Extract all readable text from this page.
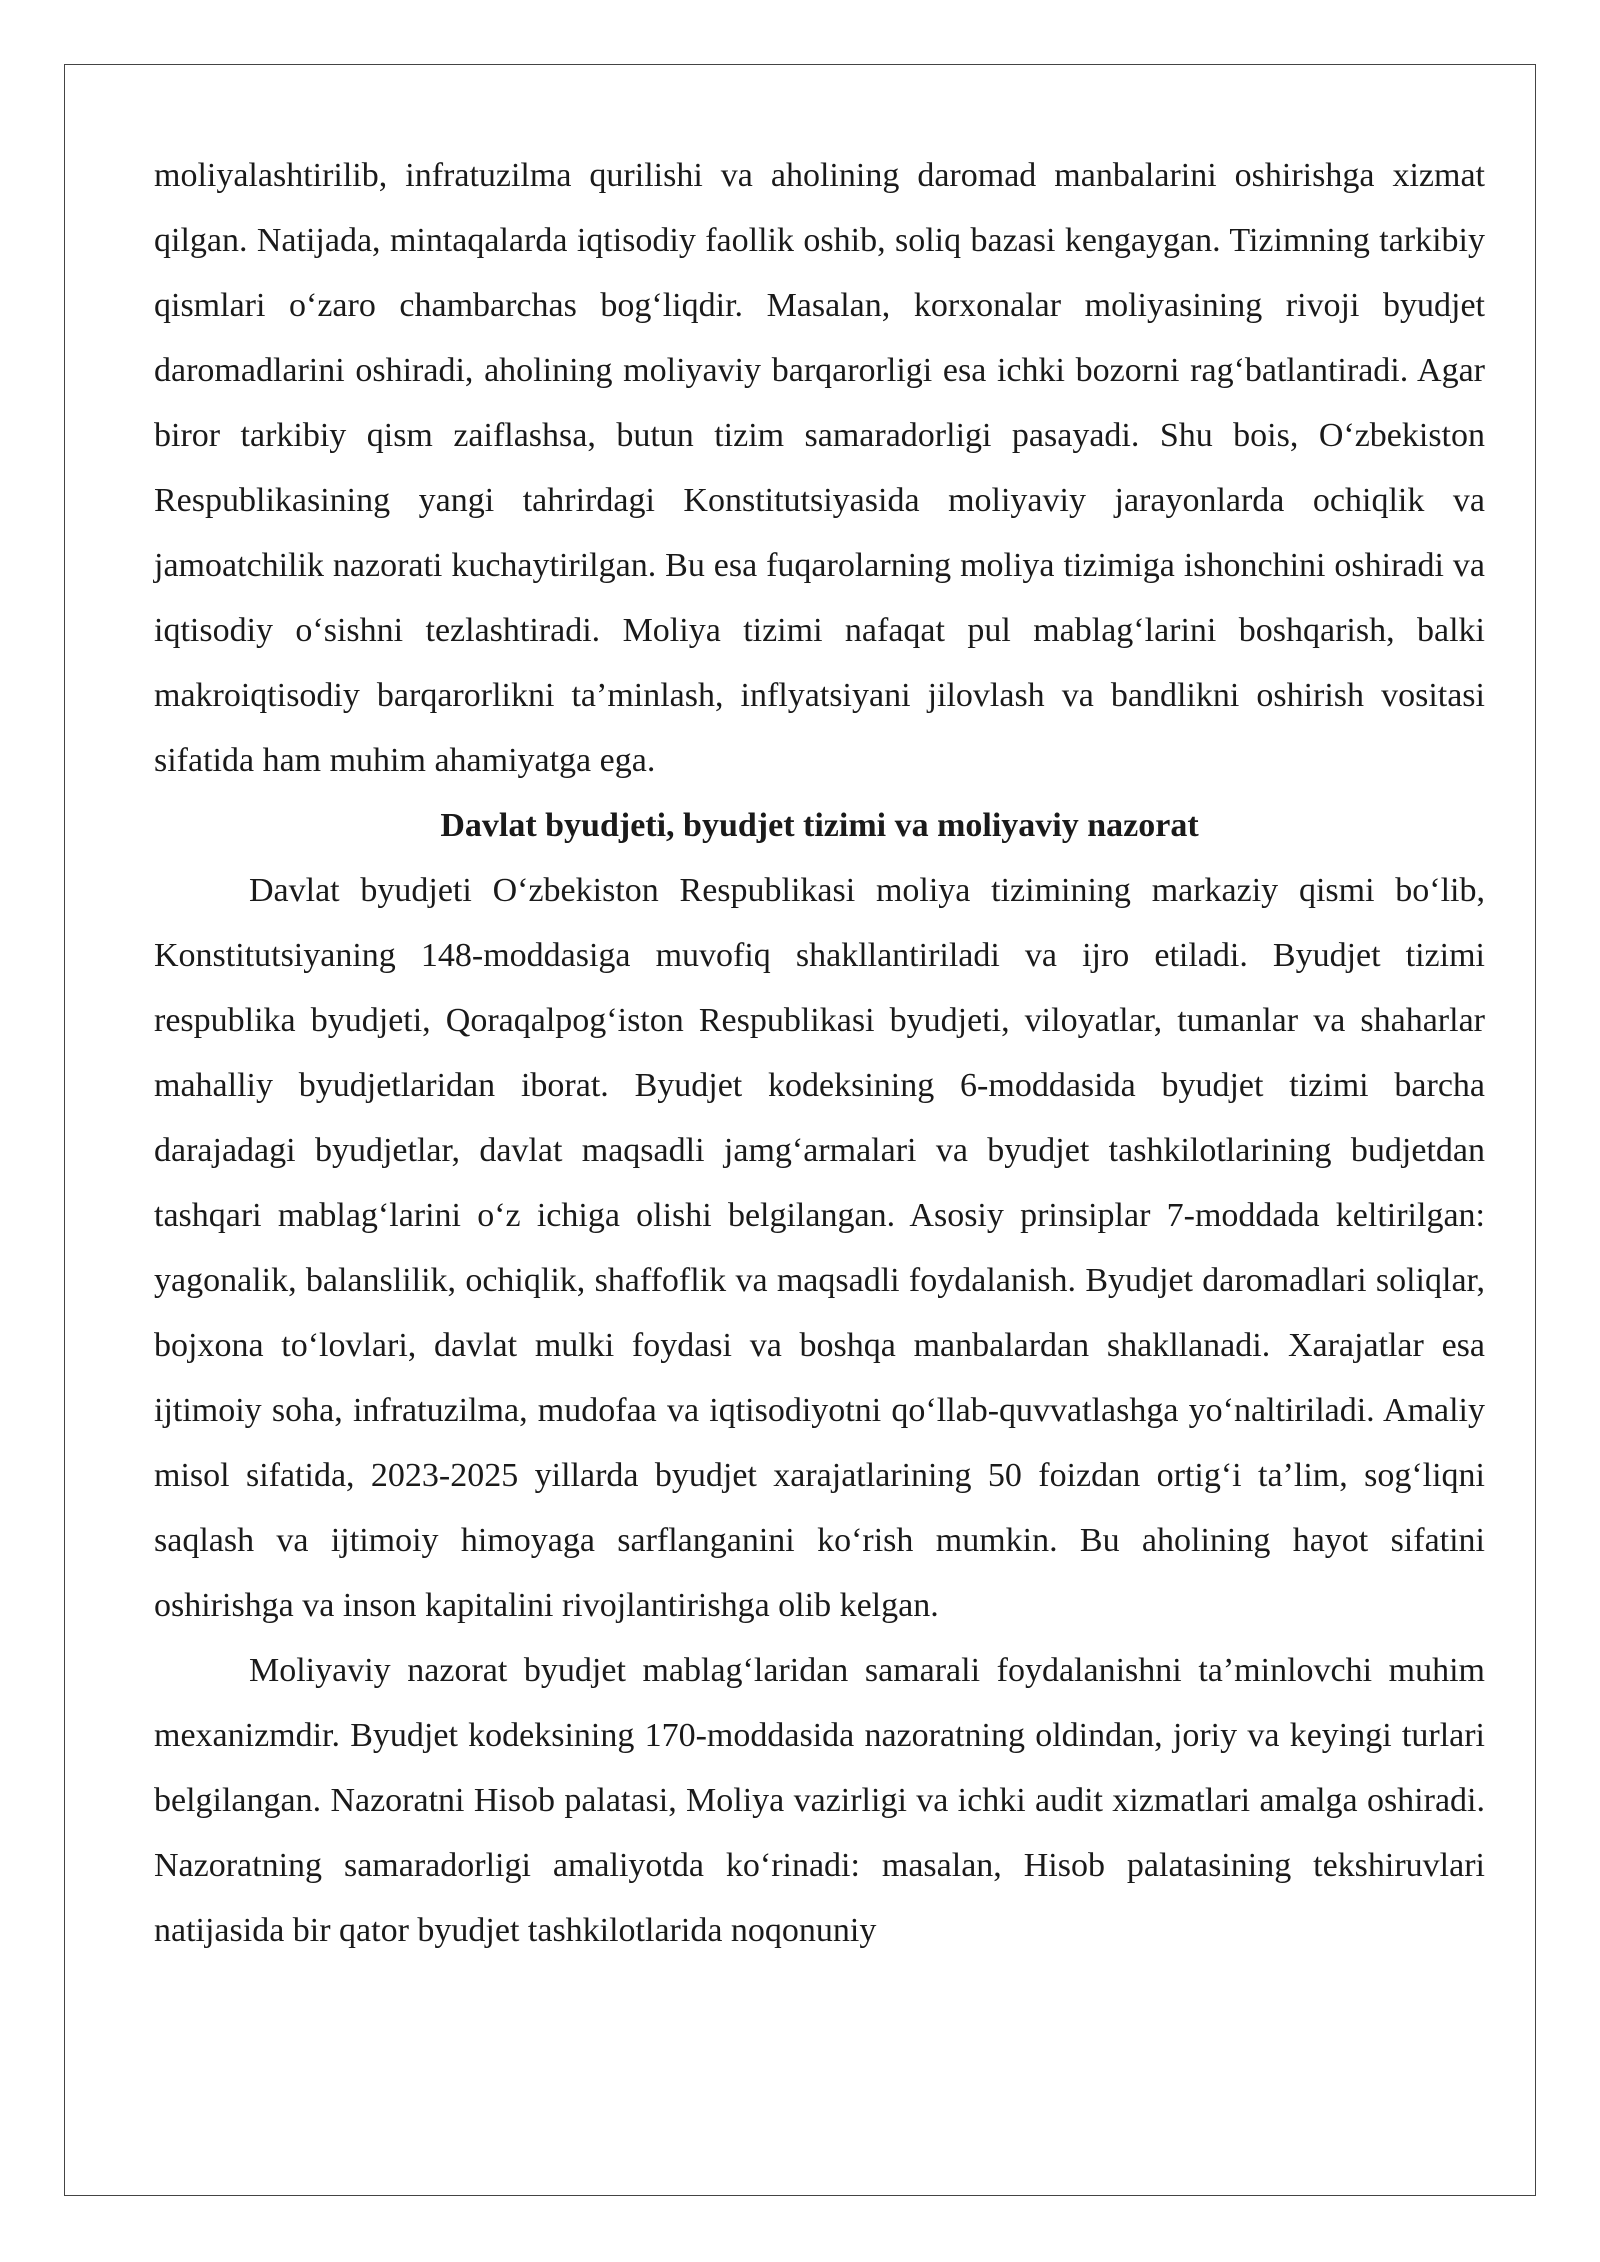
moliyalashtirilib, infratuzilma qurilishi va aholining daromad manbalarini oshirishga xizmat qilgan. Natijada, mintaqalarda iqtisodiy faollik oshib, soliq bazasi kengaygan. Tizimning tarkibiy qismlari o‘zaro chambarchas bog‘liqdir. Masalan, korxonalar moliyasining rivoji byudjet daromadlarini oshiradi, aholining moliyaviy barqarorligi esa ichki bozorni rag‘batlantiradi. Agar biror tarkibiy qism zaiflashsa, butun tizim samaradorligi pasayadi. Shu bois, O‘zbekiston Respublikasining yangi tahrirdagi Konstitutsiyasida moliyaviy jarayonlarda ochiqlik va jamoatchilik nazorati kuchaytirilgan. Bu esa fuqarolarning moliya tizimiga ishonchini oshiradi va iqtisodiy o‘sishni tezlashtiradi. Moliya tizimi nafaqat pul mablag‘larini boshqarish, balki makroiqtisodiy barqarorlikni ta’minlash, inflyatsiyani jilovlash va bandlikni oshirish vositasi sifatida ham muhim ahamiyatga ega.

Davlat byudjeti, byudjet tizimi va moliyaviy nazorat

Davlat byudjeti O‘zbekiston Respublikasi moliya tizimining markaziy qismi bo‘lib, Konstitutsiyaning 148-moddasiga muvofiq shakllantiriladi va ijro etiladi. Byudjet tizimi respublika byudjeti, Qoraqalpog‘iston Respublikasi byudjeti, viloyatlar, tumanlar va shaharlar mahalliy byudjetlaridan iborat. Byudjet kodeksining 6-moddasida byudjet tizimi barcha darajadagi byudjetlar, davlat maqsadli jamg‘armalari va byudjet tashkilotlarining budjetdan tashqari mablag‘larini o‘z ichiga olishi belgilangan. Asosiy prinsiplar 7-moddada keltirilgan: yagonalik, balanslilik, ochiqlik, shaffoflik va maqsadli foydalanish. Byudjet daromadlari soliqlar, bojxona to‘lovlari, davlat mulki foydasi va boshqa manbalardan shakllanadi. Xarajatlar esa ijtimoiy soha, infratuzilma, mudofaa va iqtisodiyotni qo‘llab-quvvatlashga yo‘naltiriladi. Amaliy misol sifatida, 2023-2025 yillarda byudjet xarajatlarining 50 foizdan ortig‘i ta’lim, sog‘liqni saqlash va ijtimoiy himoyaga sarflanganini ko‘rish mumkin. Bu aholining hayot sifatini oshirishga va inson kapitalini rivojlantirishga olib kelgan.

Moliyaviy nazorat byudjet mablag‘laridan samarali foydalanishni ta’minlovchi muhim mexanizmdir. Byudjet kodeksining 170-moddasida nazoratning oldindan, joriy va keyingi turlari belgilangan. Nazoratni Hisob palatasi, Moliya vazirligi va ichki audit xizmatlari amalga oshiradi. Nazoratning samaradorligi amaliyotda ko‘rinadi: masalan, Hisob palatasining tekshiruvlari natijasida bir qator byudjet tashkilotlarida noqonuniy
